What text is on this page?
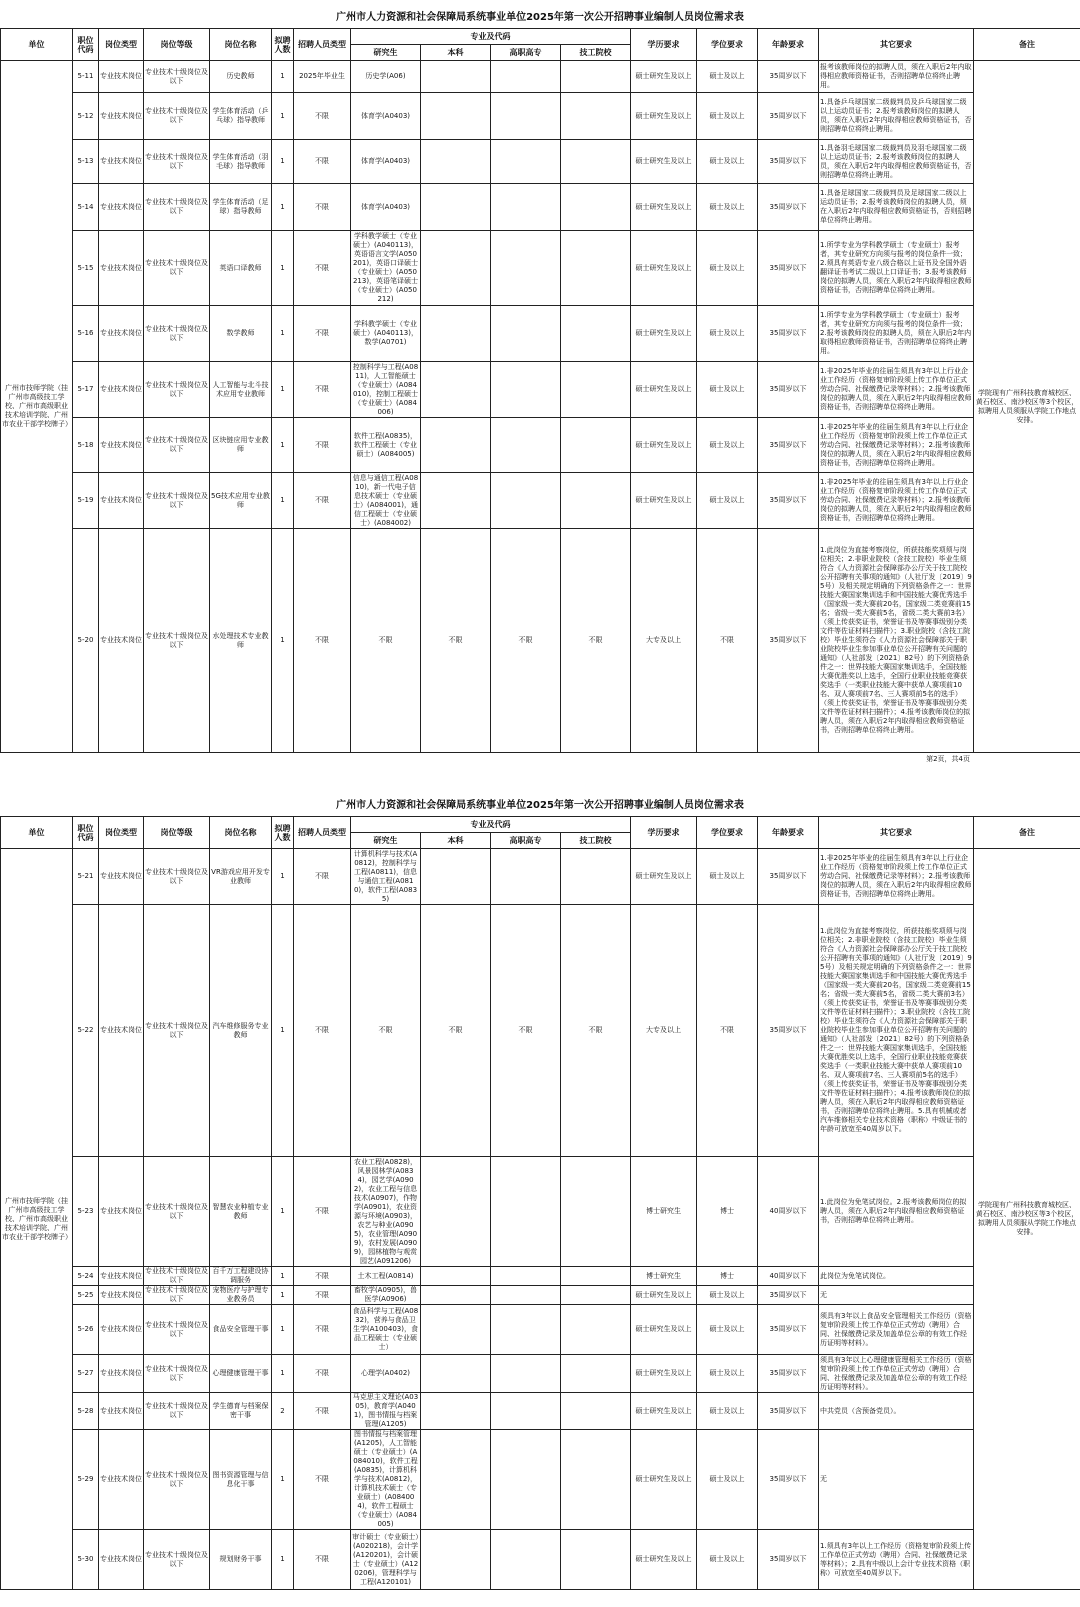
广州市人力资源和社会保障局系统事业单位2025年第一次公开招聘事业编制人员岗位需求表
单位	职位代码	岗位类型	岗位等级	岗位名称	拟聘人数	招聘人员类型	专业及代码				学历要求	学位要求	年龄要求	其它要求	备注
							研究生	本科	高职高专	技工院校					
广州市技师学院（挂广州市高级技工学校、广州市高级职业技术培训学院、广州市农业干部学校牌子）	5-11	专业技术岗位	专业技术十级岗位及以下	历史教师	1	2025年毕业生	历史学(A06)				硕士研究生及以上	硕士及以上	35周岁以下	报考该教师岗位的拟聘人员，须在入职后2年内取得相应教师资格证书，否则招聘单位将终止聘用。	学院现有广州科技教育城校区、黄石校区、南沙校区等3个校区，拟聘用人员须服从学院工作地点安排。
	5-12	专业技术岗位	专业技术十级岗位及以下	学生体育活动（乒乓球）指导教师	1	不限	体育学(A0403)				硕士研究生及以上	硕士及以上	35周岁以下	1.具备乒乓球国家二级裁判员及乒乓球国家二级以上运动员证书；2.报考该教师岗位的拟聘人员，须在入职后2年内取得相应教师资格证书，否则招聘单位将终止聘用。	
	5-13	专业技术岗位	专业技术十级岗位及以下	学生体育活动（羽毛球）指导教师	1	不限	体育学(A0403)				硕士研究生及以上	硕士及以上	35周岁以下	1.具备羽毛球国家二级裁判员及羽毛球国家二级以上运动员证书；2.报考该教师岗位的拟聘人员，须在入职后2年内取得相应教师资格证书，否则招聘单位将终止聘用。	
	5-14	专业技术岗位	专业技术十级岗位及以下	学生体育活动（足球）指导教师	1	不限	体育学(A0403)				硕士研究生及以上	硕士及以上	35周岁以下	1.具备足球国家二级裁判员及足球国家二级以上运动员证书；2.报考该教师岗位的拟聘人员，须在入职后2年内取得相应教师资格证书，否则招聘单位将终止聘用。	
	5-15	专业技术岗位	专业技术十级岗位及以下	英语口译教师	1	不限	学科教学硕士（专业硕士）(A040113)，英语语言文学(A050201)，英语口译硕士（专业硕士）(A050213)，英语笔译硕士（专业硕士）(A050212)				硕士研究生及以上	硕士及以上	35周岁以下	1.所学专业为学科教学硕士（专业硕士）报考者，其专业研究方向须与报考的岗位条件一致；2.须具有英语专业八级合格以上证书及全国外语翻译证书考试二级以上口译证书；3.报考该教师岗位的拟聘人员，须在入职后2年内取得相应教师资格证书，否则招聘单位将终止聘用。	
	5-16	专业技术岗位	专业技术十级岗位及以下	数学教师	1	不限	学科教学硕士（专业硕士）(A040113)，数学(A0701)				硕士研究生及以上	硕士及以上	35周岁以下	1.所学专业为学科教学硕士（专业硕士）报考者，其专业研究方向须与报考的岗位条件一致；2.报考该教师岗位的拟聘人员，须在入职后2年内取得相应教师资格证书，否则招聘单位将终止聘用。	
	5-17	专业技术岗位	专业技术十级岗位及以下	人工智能与北斗技术应用专业教师	1	不限	控制科学与工程(A0811)，人工智能硕士（专业硕士）(A084010)，控制工程硕士（专业硕士）(A084006)				硕士研究生及以上	硕士及以上	35周岁以下	1.非2025年毕业的往届生须具有3年以上行业企业工作经历（资格复审阶段须上传工作单位正式劳动合同、社保缴费记录等材料）；2.报考该教师岗位的拟聘人员，须在入职后2年内取得相应教师资格证书，否则招聘单位将终止聘用。	
	5-18	专业技术岗位	专业技术十级岗位及以下	区块链应用专业教师	1	不限	软件工程(A0835)，软件工程硕士（专业硕士）(A084005)				硕士研究生及以上	硕士及以上	35周岁以下	1.非2025年毕业的往届生须具有3年以上行业企业工作经历（资格复审阶段须上传工作单位正式劳动合同、社保缴费记录等材料）；2.报考该教师岗位的拟聘人员，须在入职后2年内取得相应教师资格证书，否则招聘单位将终止聘用。	
	5-19	专业技术岗位	专业技术十级岗位及以下	5G技术应用专业教师	1	不限	信息与通信工程(A0810)，新一代电子信息技术硕士（专业硕士）(A084001)，通信工程硕士（专业硕士）(A084002)				硕士研究生及以上	硕士及以上	35周岁以下	1.非2025年毕业的往届生须具有3年以上行业企业工作经历（资格复审阶段须上传工作单位正式劳动合同、社保缴费记录等材料）；2.报考该教师岗位的拟聘人员，须在入职后2年内取得相应教师资格证书，否则招聘单位将终止聘用。	
	5-20	专业技术岗位	专业技术十级岗位及以下	水处理技术专业教师	1	不限	不限	不限	不限	不限	大专及以上	不限	35周岁以下	1.此岗位为直接考察岗位，所获技能奖项须与岗位相关；2.非职业院校（含技工院校）毕业生须符合《人力资源社会保障部办公厅关于技工院校公开招聘有关事项的通知》（人社厅发〔2019〕95号）及相关规定明确的下列资格条件之一：世界技能大赛国家集训选手和中国技能大赛优秀选手（国家级一类大赛前20名，国家级二类竞赛前15名；省级一类大赛前5名，省级二类大赛前3名）（须上传获奖证书，荣誉证书及等赛事级别分类文件等佐证材料扫描件）；3.职业院校（含技工院校）毕业生须符合《人力资源社会保障部关于职业院校毕业生参加事业单位公开招聘有关问题的通知》（人社部发〔2021〕82号）的下列资格条件之一：世界技能大赛国家集训选手，全国技能大赛优胜奖以上选手，全国行业职业技能竞赛获奖选手（一类职业技能大赛中获单人赛项前10名、双人赛项前7名、三人赛项前5名的选手）（须上传获奖证书，荣誉证书及等赛事级别分类文件等佐证材料扫描件）；4.报考该教师岗位的拟聘人员，须在入职后2年内取得相应教师资格证书，否则招聘单位将终止聘用。	
第2页，共4页
广州市人力资源和社会保障局系统事业单位2025年第一次公开招聘事业编制人员岗位需求表
单位	职位代码	岗位类型	岗位等级	岗位名称	拟聘人数	招聘人员类型	专业及代码				学历要求	学位要求	年龄要求	其它要求	备注
							研究生	本科	高职高专	技工院校					
广州市技师学院（挂广州市高级技工学校、广州市高级职业技术培训学院、广州市农业干部学校牌子）	5-21	专业技术岗位	专业技术十级岗位及以下	VR游戏应用开发专业教师	1	不限	计算机科学与技术(A0812)，控制科学与工程(A0811)，信息与通信工程(A0810)，软件工程(A0835)				硕士研究生及以上	硕士及以上	35周岁以下	1.非2025年毕业的往届生须具有3年以上行业企业工作经历（资格复审阶段须上传工作单位正式劳动合同、社保缴费记录等材料）；2.报考该教师岗位的拟聘人员，须在入职后2年内取得相应教师资格证书，否则招聘单位将终止聘用。	学院现有广州科技教育城校区、黄石校区、南沙校区等3个校区，拟聘用人员须服从学院工作地点安排。
	5-22	专业技术岗位	专业技术十级岗位及以下	汽车维修服务专业教师	1	不限	不限	不限	不限	不限	大专及以上	不限	35周岁以下	1.此岗位为直接考察岗位，所获技能奖项须与岗位相关；2.非职业院校（含技工院校）毕业生须符合《人力资源社会保障部办公厅关于技工院校公开招聘有关事项的通知》（人社厅发〔2019〕95号）及相关规定明确的下列资格条件之一：世界技能大赛国家集训选手和中国技能大赛优秀选手（国家级一类大赛前20名，国家级二类竞赛前15名；省级一类大赛前5名，省级二类大赛前3名）（须上传获奖证书，荣誉证书及等赛事级别分类文件等佐证材料扫描件）；3.职业院校（含技工院校）毕业生须符合《人力资源社会保障部关于职业院校毕业生参加事业单位公开招聘有关问题的通知》（人社部发〔2021〕82号）的下列资格条件之一：世界技能大赛国家集训选手，全国技能大赛优胜奖以上选手，全国行业职业技能竞赛获奖选手（一类职业技能大赛中获单人赛项前10名、双人赛项前7名、三人赛项前5名的选手）（须上传获奖证书，荣誉证书及等赛事级别分类文件等佐证材料扫描件）；4.报考该教师岗位的拟聘人员，须在入职后2年内取得相应教师资格证书，否则招聘单位将终止聘用。5.具有机械或者汽车维修相关专业技术资格（职称）中级证书的年龄可放宽至40周岁以下。	
	5-23	专业技术岗位	专业技术十级岗位及以下	智慧农业种植专业教师	1	不限	农业工程(A0828)，风景园林学(A0834)，园艺学(A0902)，农业工程与信息技术(A0907)，作物学(A0901)，农业资源与环境(A0903)，农艺与种业(A0905)，农业管理(A0909)，农村发展(A0909)，园林植物与观赏园艺(A091206)				博士研究生	博士	40周岁以下	1.此岗位为免笔试岗位。2.报考该教师岗位的拟聘人员，须在入职后2年内取得相应教师资格证书，否则招聘单位将终止聘用。	
	5-24	专业技术岗位	专业技术十级岗位及以下	百千万工程建设协调服务	1	不限	土木工程(A0814)				博士研究生	博士	40周岁以下	此岗位为免笔试岗位。	
	5-25	专业技术岗位	专业技术十级岗位及以下	宠物医疗与护理专业教务员	1	不限	畜牧学(A0905)，兽医学(A0906)				硕士研究生及以上	硕士及以上	35周岁以下	无	
	5-26	专业技术岗位	专业技术十级岗位及以下	食品安全管理干事	1	不限	食品科学与工程(A0832)，营养与食品卫生学(A100403)，食品工程硕士（专业硕士）				硕士研究生及以上	硕士及以上	35周岁以下	须具有3年以上食品安全管理相关工作经历（资格复审阶段须上传工作单位正式劳动（聘用）合同、社保缴费记录及加盖单位公章的有效工作经历证明等材料）。	
	5-27	专业技术岗位	专业技术十级岗位及以下	心理健康管理干事	1	不限	心理学(A0402)				硕士研究生及以上	硕士及以上	35周岁以下	须具有3年以上心理健康管理相关工作经历（资格复审阶段须上传工作单位正式劳动（聘用）合同、社保缴费记录及加盖单位公章的有效工作经历证明等材料）。	
	5-28	专业技术岗位	专业技术十级岗位及以下	学生德育与档案保密干事	2	不限	马克思主义理论(A0305)，教育学(A0401)，图书情报与档案管理(A1205)				硕士研究生及以上	硕士及以上	35周岁以下	中共党员（含预备党员）。	
	5-29	专业技术岗位	专业技术十级岗位及以下	图书资源管理与信息化干事	1	不限	图书情报与档案管理(A1205)，人工智能硕士（专业硕士）(A084010)，软件工程(A0835)，计算机科学与技术(A0812)，计算机技术硕士（专业硕士）(A084004)，软件工程硕士（专业硕士）(A084005)				硕士研究生及以上	硕士及以上	35周岁以下	无	
	5-30	专业技术岗位	专业技术十级岗位及以下	规划财务干事	1	不限	审计硕士（专业硕士）(A020218)，会计学(A120201)，会计硕士（专业硕士）(A120206)，管理科学与工程(A120101)				硕士研究生及以上	硕士及以上	35周岁以下	1.须具有3年以上工作经历（资格复审阶段须上传工作单位正式劳动（聘用）合同、社保缴费记录等材料）；2.具有中级以上会计专业技术资格（职称）可放宽至40周岁以下。	
